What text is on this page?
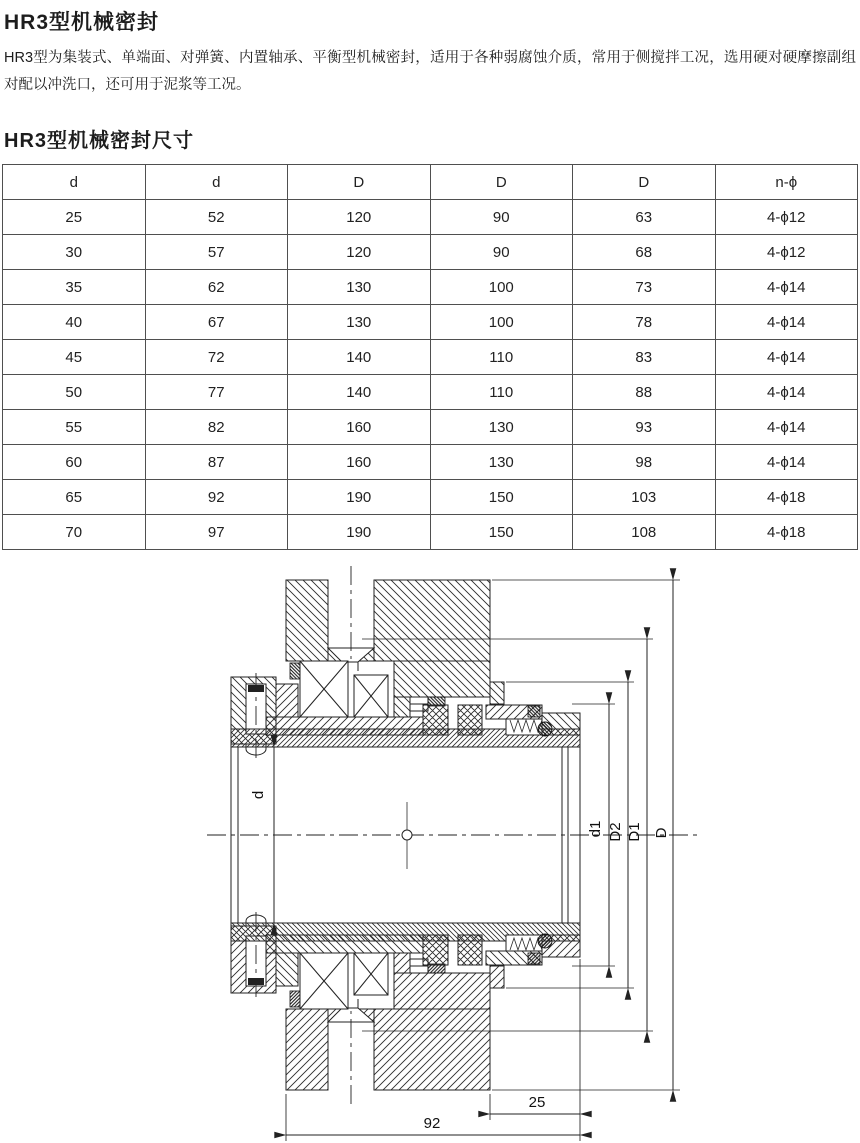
HR3型机械密封

HR3型为集装式、单端面、对弹簧、内置轴承、平衡型机械密封，适用于各种弱腐蚀介质，常用于侧搅拌工况，选用硬对硬摩擦副组对配以冲洗口，还可用于泥浆等工况。

HR3型机械密封尺寸
d	d	D	D	D	n-ϕ
25	52	120	90	63	4-ϕ12
30	57	120	90	68	4-ϕ12
35	62	130	100	73	4-ϕ14
40	67	130	100	78	4-ϕ14
45	72	140	110	83	4-ϕ14
50	77	140	110	88	4-ϕ14
55	82	160	130	93	4-ϕ14
60	87	160	130	98	4-ϕ14
65	92	190	150	103	4-ϕ18
70	97	190	150	108	4-ϕ18
d
d1 D2 D1 D
25
92
